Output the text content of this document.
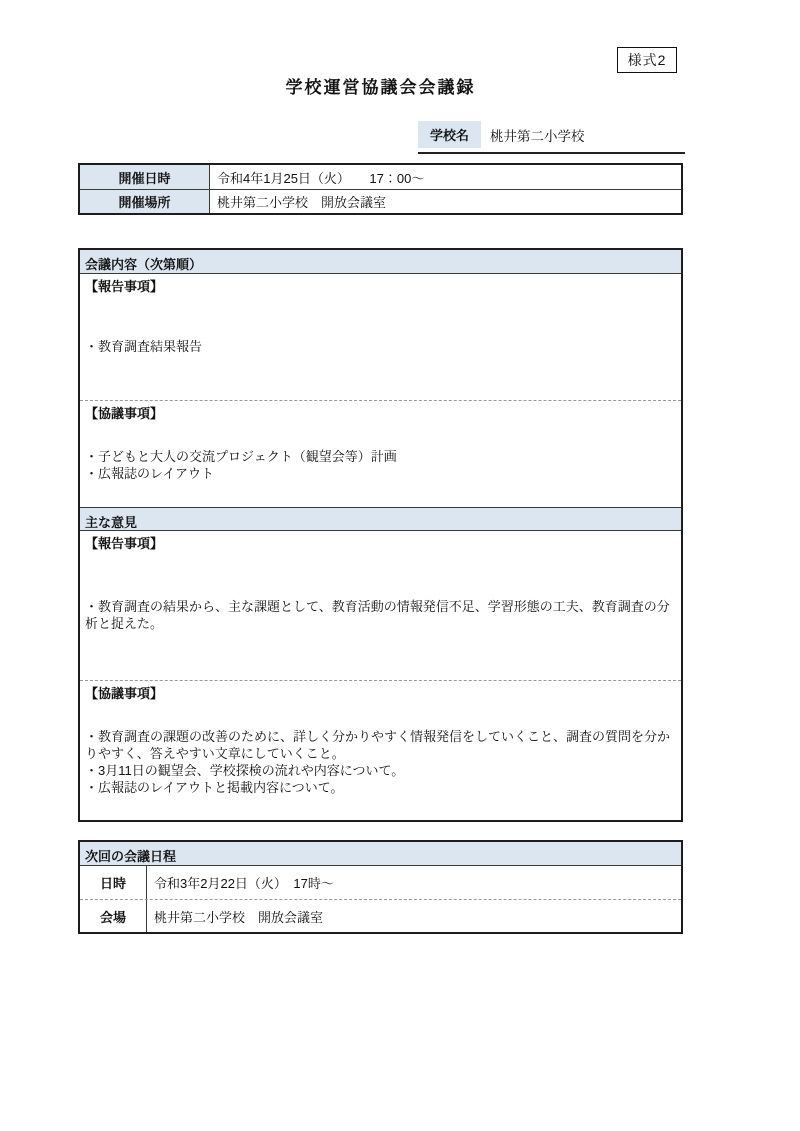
様式2
学校運営協議会会議録
学校名	桃井第二小学校
開催日時	令和4年1月25日（火）　　17：00～
開催場所	桃井第二小学校　開放会議室
会議内容（次第順）
【報告事項】
・教育調査結果報告
【協議事項】
・子どもと大人の交流プロジェクト（観望会等）計画
・広報誌のレイアウト
主な意見
【報告事項】
・教育調査の結果から、主な課題として、教育活動の情報発信不足、学習形態の工夫、教育調査の分析と捉えた。
【協議事項】
・教育調査の課題の改善のために、詳しく分かりやすく情報発信をしていくこと、調査の質問を分かりやすく、答えやすい文章にしていくこと。
・3月11日の観望会、学校探検の流れや内容について。
・広報誌のレイアウトと掲載内容について。
次回の会議日程
日時	令和3年2月22日（火）　17時～
会場	桃井第二小学校　開放会議室
